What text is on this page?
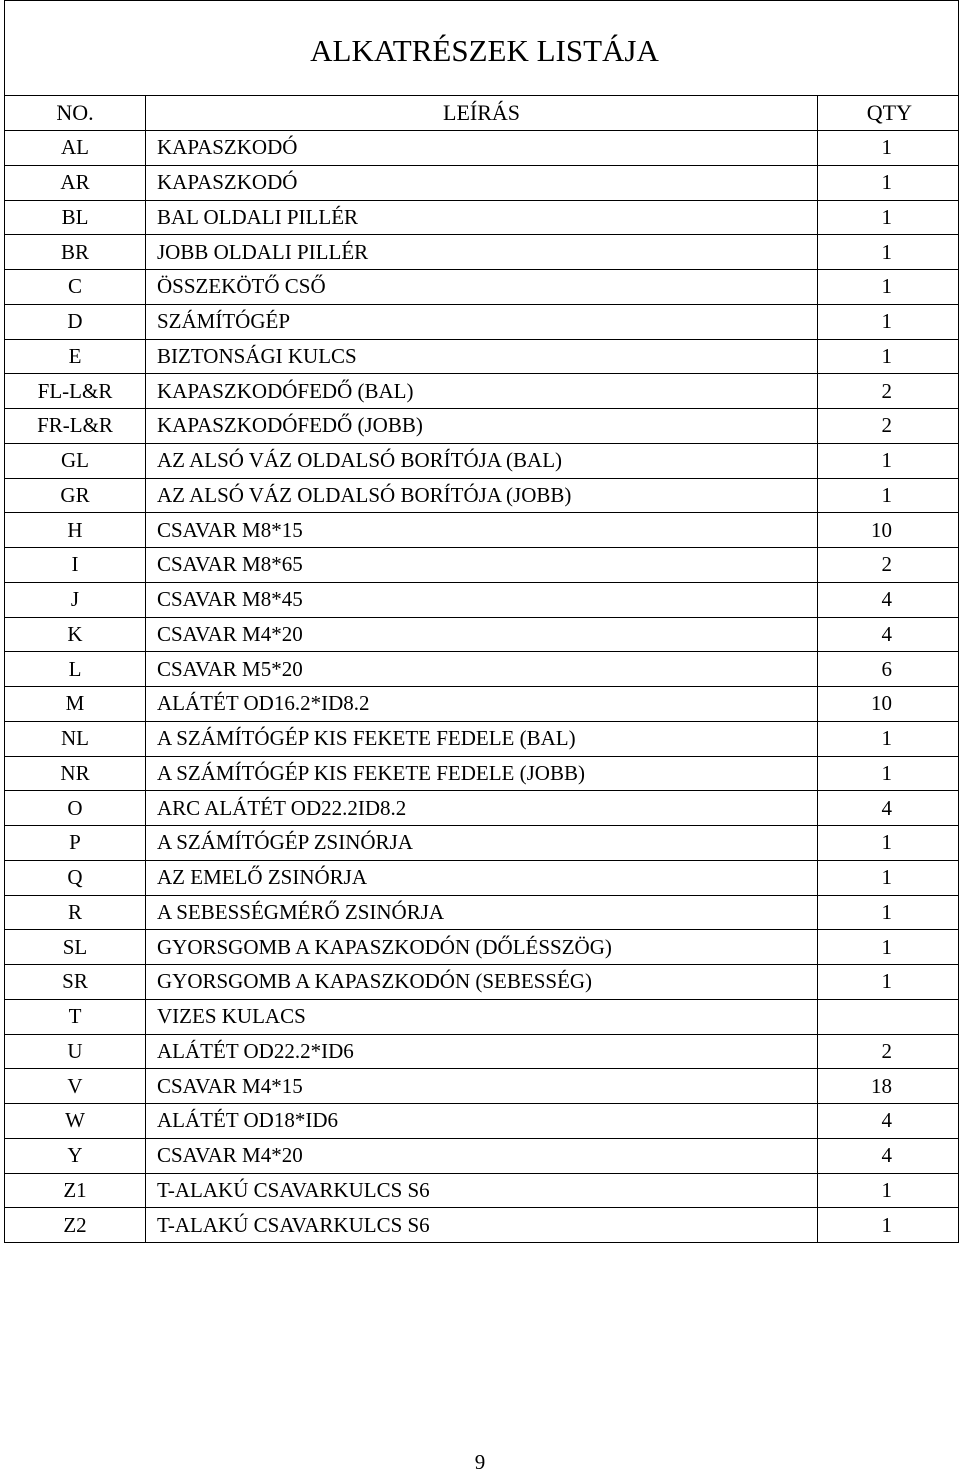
ALKATRÉSZEK LISTÁJA		
NO.	LEÍRÁS	QTY
AL	KAPASZKODÓ	1
AR	KAPASZKODÓ	1
BL	BAL OLDALI PILLÉR	1
BR	JOBB OLDALI PILLÉR	1
C	ÖSSZEKÖTŐ CSŐ	1
D	SZÁMÍTÓGÉP	1
E	BIZTONSÁGI KULCS	1
FL-L&R	KAPASZKODÓFEDŐ (BAL)	2
FR-L&R	KAPASZKODÓFEDŐ (JOBB)	2
GL	AZ ALSÓ VÁZ OLDALSÓ BORÍTÓJA (BAL)	1
GR	AZ ALSÓ VÁZ OLDALSÓ BORÍTÓJA (JOBB)	1
H	CSAVAR M8*15	10
I	CSAVAR M8*65	2
J	CSAVAR M8*45	4
K	CSAVAR M4*20	4
L	CSAVAR M5*20	6
M	ALÁTÉT OD16.2*ID8.2	10
NL	A SZÁMÍTÓGÉP KIS FEKETE FEDELE (BAL)	1
NR	A SZÁMÍTÓGÉP KIS FEKETE FEDELE (JOBB)	1
O	ARC ALÁTÉT OD22.2ID8.2	4
P	A SZÁMÍTÓGÉP ZSINÓRJA	1
Q	AZ EMELŐ ZSINÓRJA	1
R	A SEBESSÉGMÉRŐ ZSINÓRJA	1
SL	GYORSGOMB A KAPASZKODÓN (DŐLÉSSZÖG)	1
SR	GYORSGOMB A KAPASZKODÓN (SEBESSÉG)	1
T	VIZES KULACS	
U	ALÁTÉT OD22.2*ID6	2
V	CSAVAR M4*15	18
W	ALÁTÉT OD18*ID6	4
Y	CSAVAR M4*20	4
Z1	T-ALAKÚ CSAVARKULCS S6	1
Z2	T-ALAKÚ CSAVARKULCS S6	1
9
